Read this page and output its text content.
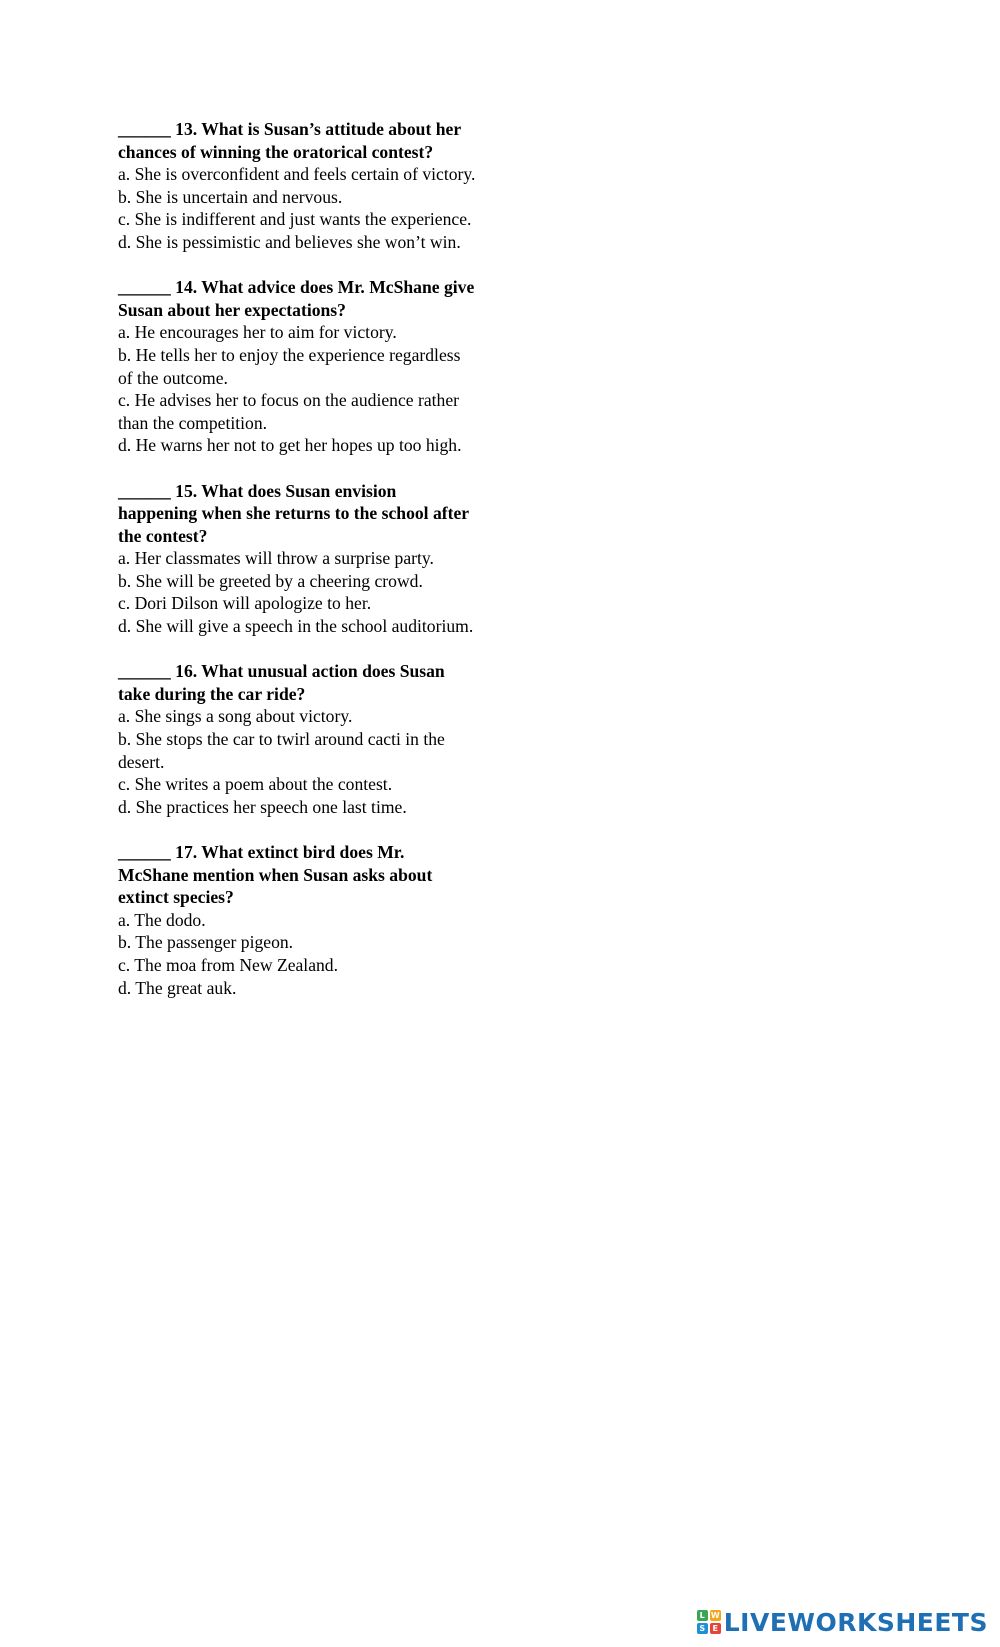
______ 13. What is Susan’s attitude about her chances of winning the oratorical contest?

a. She is overconfident and feels certain of victory.

b. She is uncertain and nervous.

c. She is indifferent and just wants the experience.

d. She is pessimistic and believes she won’t win.

______ 14. What advice does Mr. McShane give Susan about her expectations?

a. He encourages her to aim for victory.

b. He tells her to enjoy the experience regardless of the outcome.

c. He advises her to focus on the audience rather than the competition.

d. He warns her not to get her hopes up too high.

______ 15. What does Susan envision happening when she returns to the school after the contest?

a. Her classmates will throw a surprise party.

b. She will be greeted by a cheering crowd.

c. Dori Dilson will apologize to her.

d. She will give a speech in the school auditorium.

______ 16. What unusual action does Susan take during the car ride?

a. She sings a song about victory.

b. She stops the car to twirl around cacti in the desert.

c. She writes a poem about the contest.

d. She practices her speech one last time.

______ 17. What extinct bird does Mr. McShane mention when Susan asks about extinct species?

a. The dodo.

b. The passenger pigeon.

c. The moa from New Zealand.

d. The great auk.

L W
S E LIVEWORKSHEETS
